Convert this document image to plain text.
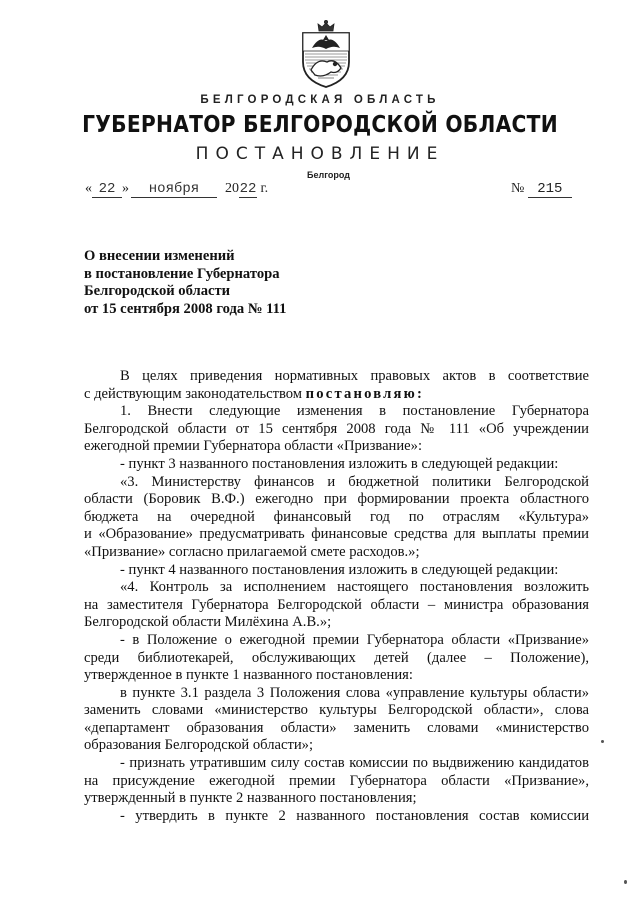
БЕЛГОРОДСКАЯ ОБЛАСТЬ
ГУБЕРНАТОР БЕЛГОРОДСКОЙ ОБЛАСТИ
ПОСТАНОВЛЕНИЕ
Белгород
« 22 » ноября 2022 г.	№ 215
О внесении изменений
в постановление Губернатора
Белгородской области
от 15 сентября 2008 года № 111
В целях приведения нормативных правовых актов в соответствие
с действующим законодательством постановляю:
1. Внести следующие изменения в постановление Губернатора
Белгородской области от 15 сентября 2008 года № 111 «Об учреждении
ежегодной премии Губернатора области «Призвание»:
- пункт 3 названного постановления изложить в следующей редакции:
«3. Министерству финансов и бюджетной политики Белгородской
области (Боровик В.Ф.) ежегодно при формировании проекта областного
бюджета на очередной финансовый год по отраслям «Культура»
и «Образование» предусматривать финансовые средства для выплаты премии
«Призвание» согласно прилагаемой смете расходов.»;
- пункт 4 названного постановления изложить в следующей редакции:
«4. Контроль за исполнением настоящего постановления возложить
на заместителя Губернатора Белгородской области – министра образования
Белгородской области Милёхина А.В.»;
- в Положение о ежегодной премии Губернатора области «Призвание»
среди библиотекарей, обслуживающих детей (далее – Положение),
утвержденное в пункте 1 названного постановления:
в пункте 3.1 раздела 3 Положения слова «управление культуры области»
заменить словами «министерство культуры Белгородской области», слова
«департамент образования области» заменить словами «министерство
образования Белгородской области»;
- признать утратившим силу состав комиссии по выдвижению кандидатов
на присуждение ежегодной премии Губернатора области «Призвание»,
утвержденный в пункте 2 названного постановления;
- утвердить в пункте 2 названного постановления состав комиссии
